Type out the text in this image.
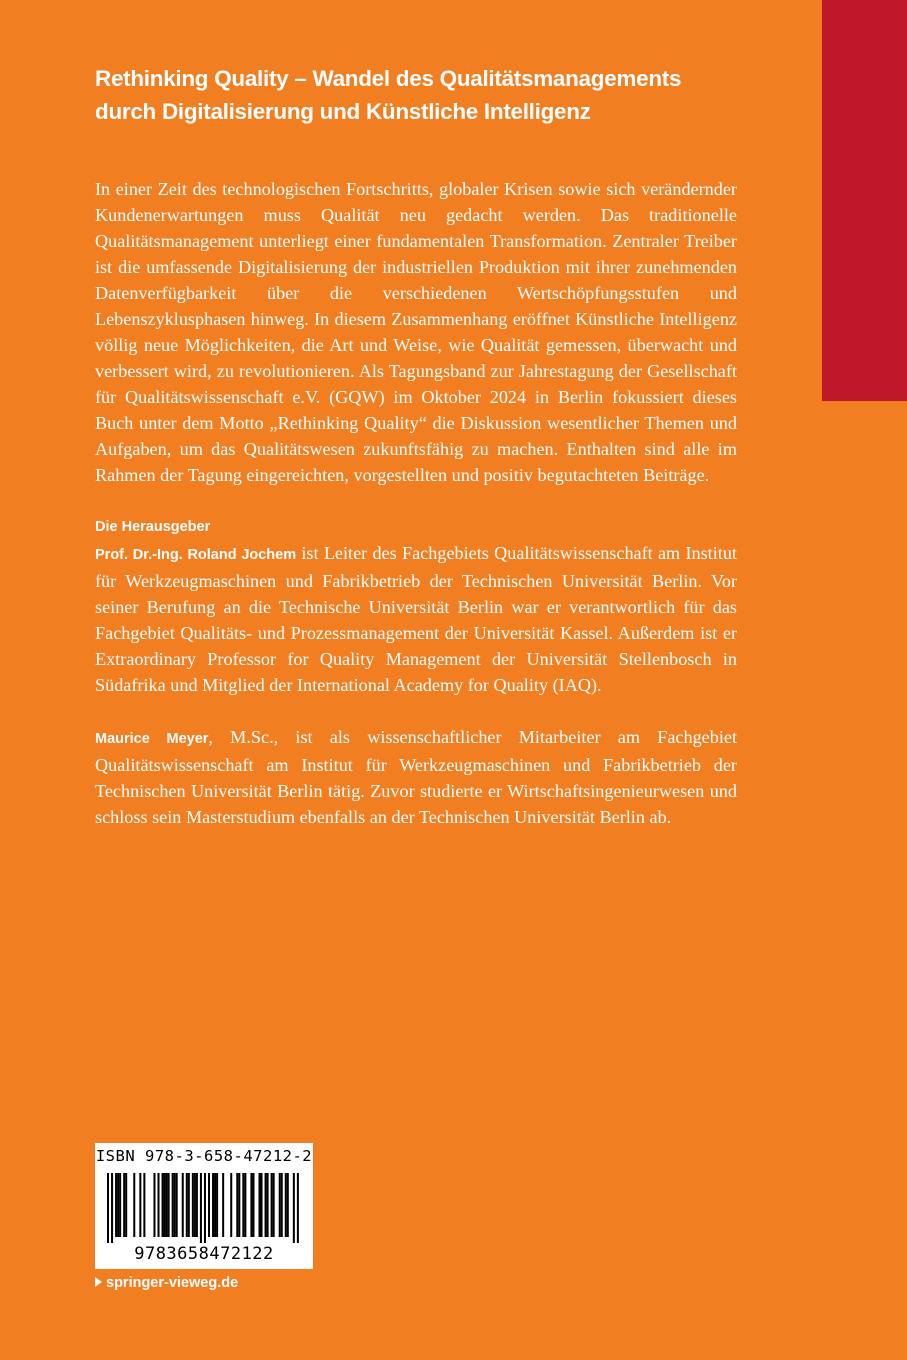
Rethinking Quality – Wandel des Qualitätsmanagements
durch Digitalisierung und Künstliche Intelligenz

In einer Zeit des technologischen Fortschritts, globaler Krisen sowie sich verändernder Kundenerwartungen muss Qualität neu gedacht werden. Das traditionelle Qualitätsmanagement unterliegt einer fundamentalen Transformation. Zentraler Treiber ist die umfassende Digitalisierung der industriellen Produktion mit ihrer zunehmenden Datenverfügbarkeit über die verschiedenen Wertschöpfungsstufen und Lebenszyklusphasen hinweg. In diesem Zusammenhang eröffnet Künstliche Intelligenz völlig neue Möglichkeiten, die Art und Weise, wie Qualität gemessen, überwacht und verbessert wird, zu revolutionieren. Als Tagungsband zur Jahrestagung der Gesellschaft für Qualitätswissenschaft e.V. (GQW) im Oktober 2024 in Berlin fokussiert dieses Buch unter dem Motto „Rethinking Quality“ die Diskussion wesentlicher Themen und Aufgaben, um das Qualitätswesen zukunftsfähig zu machen. Enthalten sind alle im Rahmen der Tagung eingereichten, vorgestellten und positiv begutachteten Beiträge.

Die Herausgeber

Prof. Dr.-Ing. Roland Jochem ist Leiter des Fachgebiets Qualitätswissenschaft am Institut für Werkzeugmaschinen und Fabrikbetrieb der Technischen Universität Berlin. Vor seiner Berufung an die Technische Universität Berlin war er verantwortlich für das Fachgebiet Qualitäts- und Prozessmanagement der Universität Kassel. Außerdem ist er Extraordinary Professor for Quality Management der Universität Stellenbosch in Südafrika und Mitglied der International Academy for Quality (IAQ).

Maurice Meyer, M.Sc., ist als wissenschaftlicher Mitarbeiter am Fachgebiet Qualitätswissenschaft am Institut für Werkzeugmaschinen und Fabrikbetrieb der Technischen Universität Berlin tätig. Zuvor studierte er Wirtschaftsingenieurwesen und schloss sein Masterstudium ebenfalls an der Technischen Universität Berlin ab.

ISBN 978-3-658-47212-2
9783658472122
springer-vieweg.de
